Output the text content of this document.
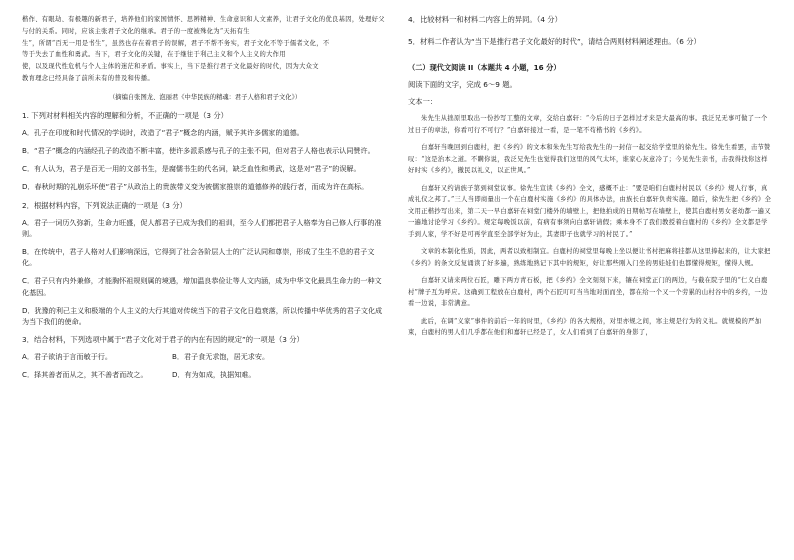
楷作、有眼劫、有极趣的新君子，培养他们的家国情怀、思辨精神、生命意识和人文素养，让君子文化的优良基因，处理好父与付的关系。同时，应该主张君子文化的继承。君子的一度被殊化为“天拓有生

生”，所谓“百无一用是书生”，虽然也存在着君子的误解，君子不帮不务实，君子文化不等于儒者文化，不

等于失去了血性和勇武。当下，君子文化的关键，在于继往于利己主义和个人主义的大作用

使，以及现代性危机与个人主体的迷茫和矛盾。事实上，当下是推行君子文化最好的时代，因为大众文

教育理念已经具备了前所未有的普及和传播。

（摘编自张图龙、泡丽君《中华民族的精魂：君子人格和君子文化》）

1. 下列对材料相关内容的理解和分析，不正确的一项是（3 分）

A．孔子在印度和时代情况的学说时，改造了“君子”概念的内涵，赋予其许多儒家的道德。

B．“君子”概念的内涵经孔子的改造不断丰富，使许多派系感与孔子的主张不同，但对君子人格也表示认同赞许。

C．有人认为，君子是百无一用的文部书生，是腐儒书生的代名词，缺乏血性和勇武，这是对“君子”的误解。

D．春秋时期的礼崩乐坏使“君子”从政治上的贵族带义变为被儒家推崇的道德修养的践行者，而成为许在高标。

2．根据材料内容，下列说法正确的一项是（3 分）

A．君子一词历久弥新，生命力旺盛，促人都君子已成为我们的祖训，至今人们都把君子人格奉为自己修人行事的准则。

B．在传统中，君子人格对人们影响深远，它得到了社会各阶层人士的广泛认同和尊崇，形成了生生不息的君子文化。

C．君子只有内外兼修，才能胸怀祖规则属的境遇，增加温良恭俭让等人文内涵，成为中华文化最具生命力的一种文化基因。

D．犹豫的利己主义和极端的个人主义的大行其道对传统当下的君子文化日趋衰落，所以传播中华优秀的君子文化成为当下我们的使命。

3．结合材料，下列选项中属于“君子文化对于君子的内在有因的规定”的一项是（3 分）

A．君子欲讷于言而敏于行。	B．君子食无求饱，居无求安。

C．择其善者而从之，其不善者而改之。	D．有为如成，执据知难。

4．比较材料一和材料二内容上的异同。（4 分）

5．材料二作者认为“当下是推行君子文化最好的时代”，请结合两则材料阐述理由。（6 分）

（二）现代文阅读 II（本题共 4 小题，16 分）

阅读下面的文字，完成 6～9 题。

文本一：

朱先生从拙原里取出一份抄写工整的文章，交给白嘉轩：“今后的日子怎样过才来是大最高的事。我泛兄无事可做了一个过日子的章法，你看可行不可行？”白嘉轩接过一看，是一笔不苟楷书的《乡约》。

白嘉轩当晚回到白鹿村，把《乡约》的文本和朱先生写给我先生的一封信一起交给学堂里的徐先生。徐先生看罢，击节赞叹：“这是治本之道。不瞒你说，我泛兄先生也觉得我们这里的风气太坏，谁家心灰意冷了；今见先生亲书，击我得找你这样好时实《乡约》，撤民以礼义，以正世风。”

白嘉轩又约请族子第到祠堂议事。徐先生宣读《乡约》全文，感概不止：“要是咱们白鹿村村民以《乡约》规人行事，真成礼仪之邦了。”三人当即商量出一个在白鹿村实施《乡约》的具体办法，由族长白嘉轩负责实施。随后，徐先生把《乡约》全文用正楷抄写出来，第二天一早白嘉轩在祠堂门楼外的墙壁上，把他拍成的日期帖写在墙壁上，使其白鹿村男女老幼都一遍又一遍地讨论学习《乡约》。规定每晚饭以前，有病有事须向白嘉轩请假；乘本身不了我们教授着白鹿村的《乡约》全文都是学手到人家，学不好是可再学直至全部学好为止，其妻即子也就学习的村民了。”

文章的本制化性质，因此，两者以致相制宜。白鹿村的祠堂里每晚上坐以便让书村把麻将挂都从这里捧起来的，让大家把《乡约》的条文反复诵读了好多遍，熟练地熟记下其中的规矩，好让那些刚入门坐的男娃娃们也都懂得规矩，懂得人规。

白嘉轩又请来两位石匠，雕下两方青石板，把《乡约》全文刻刻下来，镶在祠堂正门的两边，与截在院子里的“仁义白鹿村”牌子互为呼应。这确到工程放在白鹿村，两个石匠叮叮当当地对面而坐，都在给一个又一个劳累的山村谷中的乡约，一边看一边说，非常满意。

此后，在调“义家”事件的前后一年的时里，《乡约》的各大规格，对里亦规之间，寒主规是行为的义礼。就规模的严加束，白鹿村的男人们几乎都在他们和嘉轩已经是了，女人们看到了白嘉轩的身影了，
